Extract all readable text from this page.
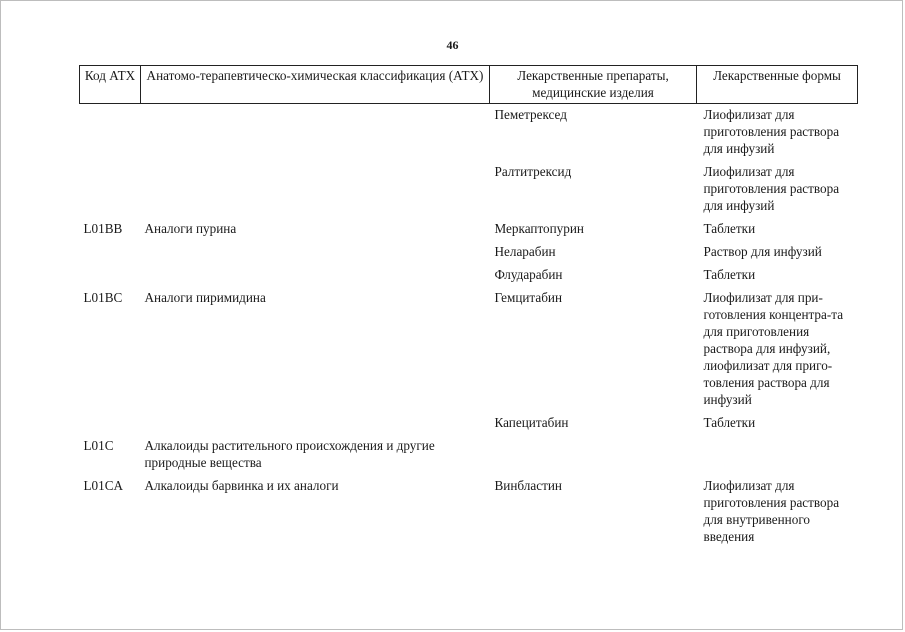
46
Код АТХ	Анатомо-терапевтическо-химическая классификация (АТХ)	Лекарственные препараты, медицинские изделия	Лекарственные формы
		Пеметрексед	Лиофилизат для приготовления раствора для инфузий
		Ралтитрексид	Лиофилизат для приготовления раствора для инфузий
L01BB	Аналоги пурина	Меркаптопурин	Таблетки
		Неларабин	Раствор для инфузий
		Флударабин	Таблетки
L01BC	Аналоги пиримидина	Гемцитабин	Лиофилизат для при-готовления концентра-та для приготовления раствора для инфузий, лиофилизат для приго-товления раствора для инфузий
		Капецитабин	Таблетки
L01C	Алкалоиды растительного происхождения и другие природные вещества		
L01CA	Алкалоиды барвинка и их аналоги	Винбластин	Лиофилизат для приготовления раствора для внутривенного введения
